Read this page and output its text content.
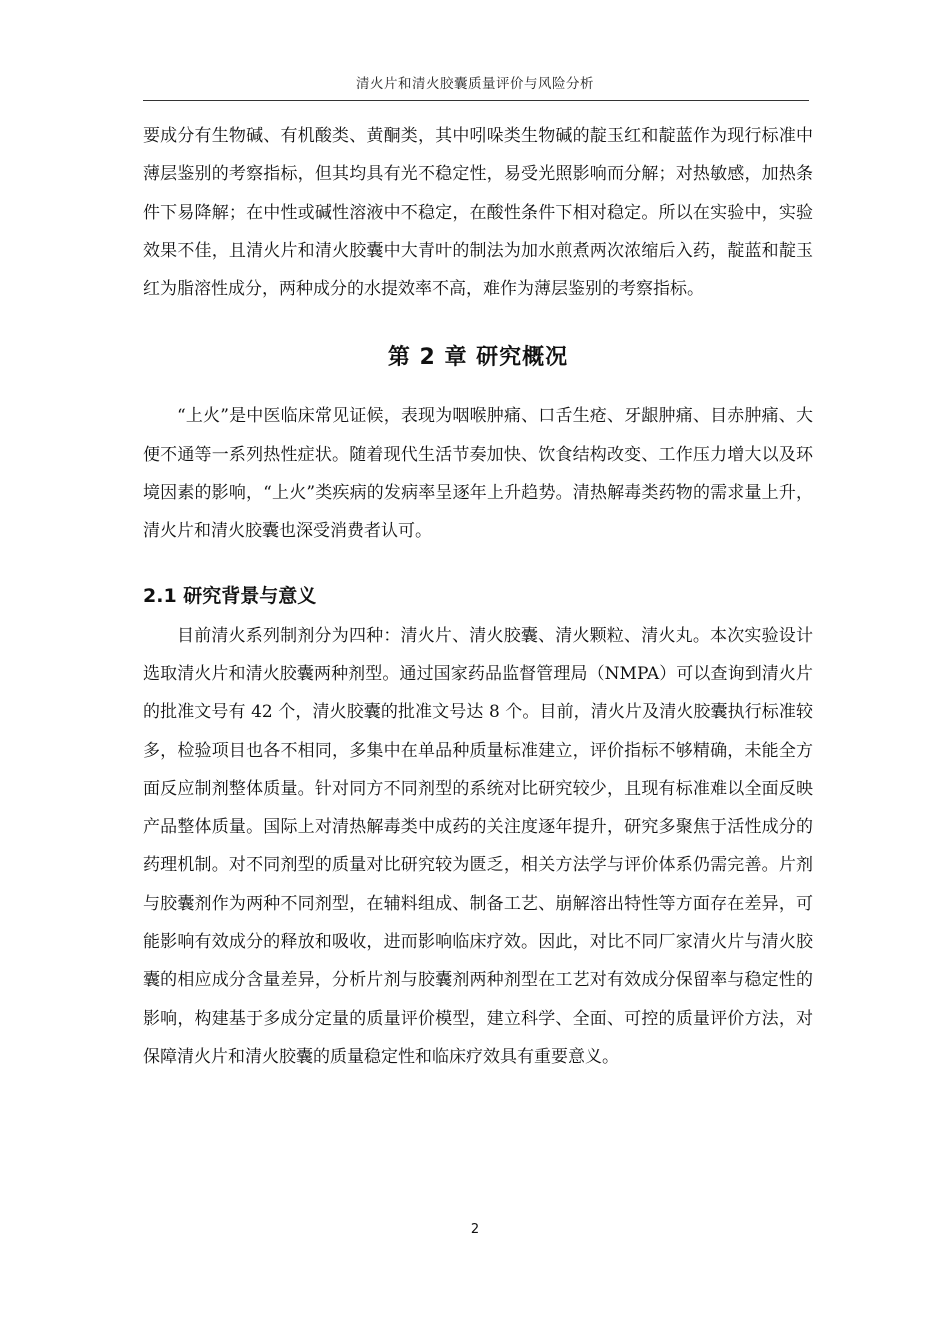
清火片和清火胶囊质量评价与风险分析

要成分有生物碱、有机酸类、黄酮类，其中吲哚类生物碱的靛玉红和靛蓝作为现行标准中薄层鉴别的考察指标，但其均具有光不稳定性，易受光照影响而分解；对热敏感，加热条件下易降解；在中性或碱性溶液中不稳定，在酸性条件下相对稳定。所以在实验中，实验效果不佳，且清火片和清火胶囊中大青叶的制法为加水煎煮两次浓缩后入药，靛蓝和靛玉红为脂溶性成分，两种成分的水提效率不高，难作为薄层鉴别的考察指标。

第 2 章 研究概况

“上火”是中医临床常见证候，表现为咽喉肿痛、口舌生疮、牙龈肿痛、目赤肿痛、大便不通等一系列热性症状。随着现代生活节奏加快、饮食结构改变、工作压力增大以及环境因素的影响，“上火”类疾病的发病率呈逐年上升趋势。清热解毒类药物的需求量上升，清火片和清火胶囊也深受消费者认可。

2.1 研究背景与意义

目前清火系列制剂分为四种：清火片、清火胶囊、清火颗粒、清火丸。本次实验设计选取清火片和清火胶囊两种剂型。通过国家药品监督管理局（NMPA）可以查询到清火片的批准文号有 42 个，清火胶囊的批准文号达 8 个。目前，清火片及清火胶囊执行标准较多，检验项目也各不相同，多集中在单品种质量标准建立，评价指标不够精确，未能全方面反应制剂整体质量。针对同方不同剂型的系统对比研究较少，且现有标准难以全面反映产品整体质量。国际上对清热解毒类中成药的关注度逐年提升，研究多聚焦于活性成分的药理机制。对不同剂型的质量对比研究较为匮乏，相关方法学与评价体系仍需完善。片剂与胶囊剂作为两种不同剂型，在辅料组成、制备工艺、崩解溶出特性等方面存在差异，可能影响有效成分的释放和吸收，进而影响临床疗效。因此，对比不同厂家清火片与清火胶囊的相应成分含量差异，分析片剂与胶囊剂两种剂型在工艺对有效成分保留率与稳定性的影响，构建基于多成分定量的质量评价模型，建立科学、全面、可控的质量评价方法，对保障清火片和清火胶囊的质量稳定性和临床疗效具有重要意义。

2
